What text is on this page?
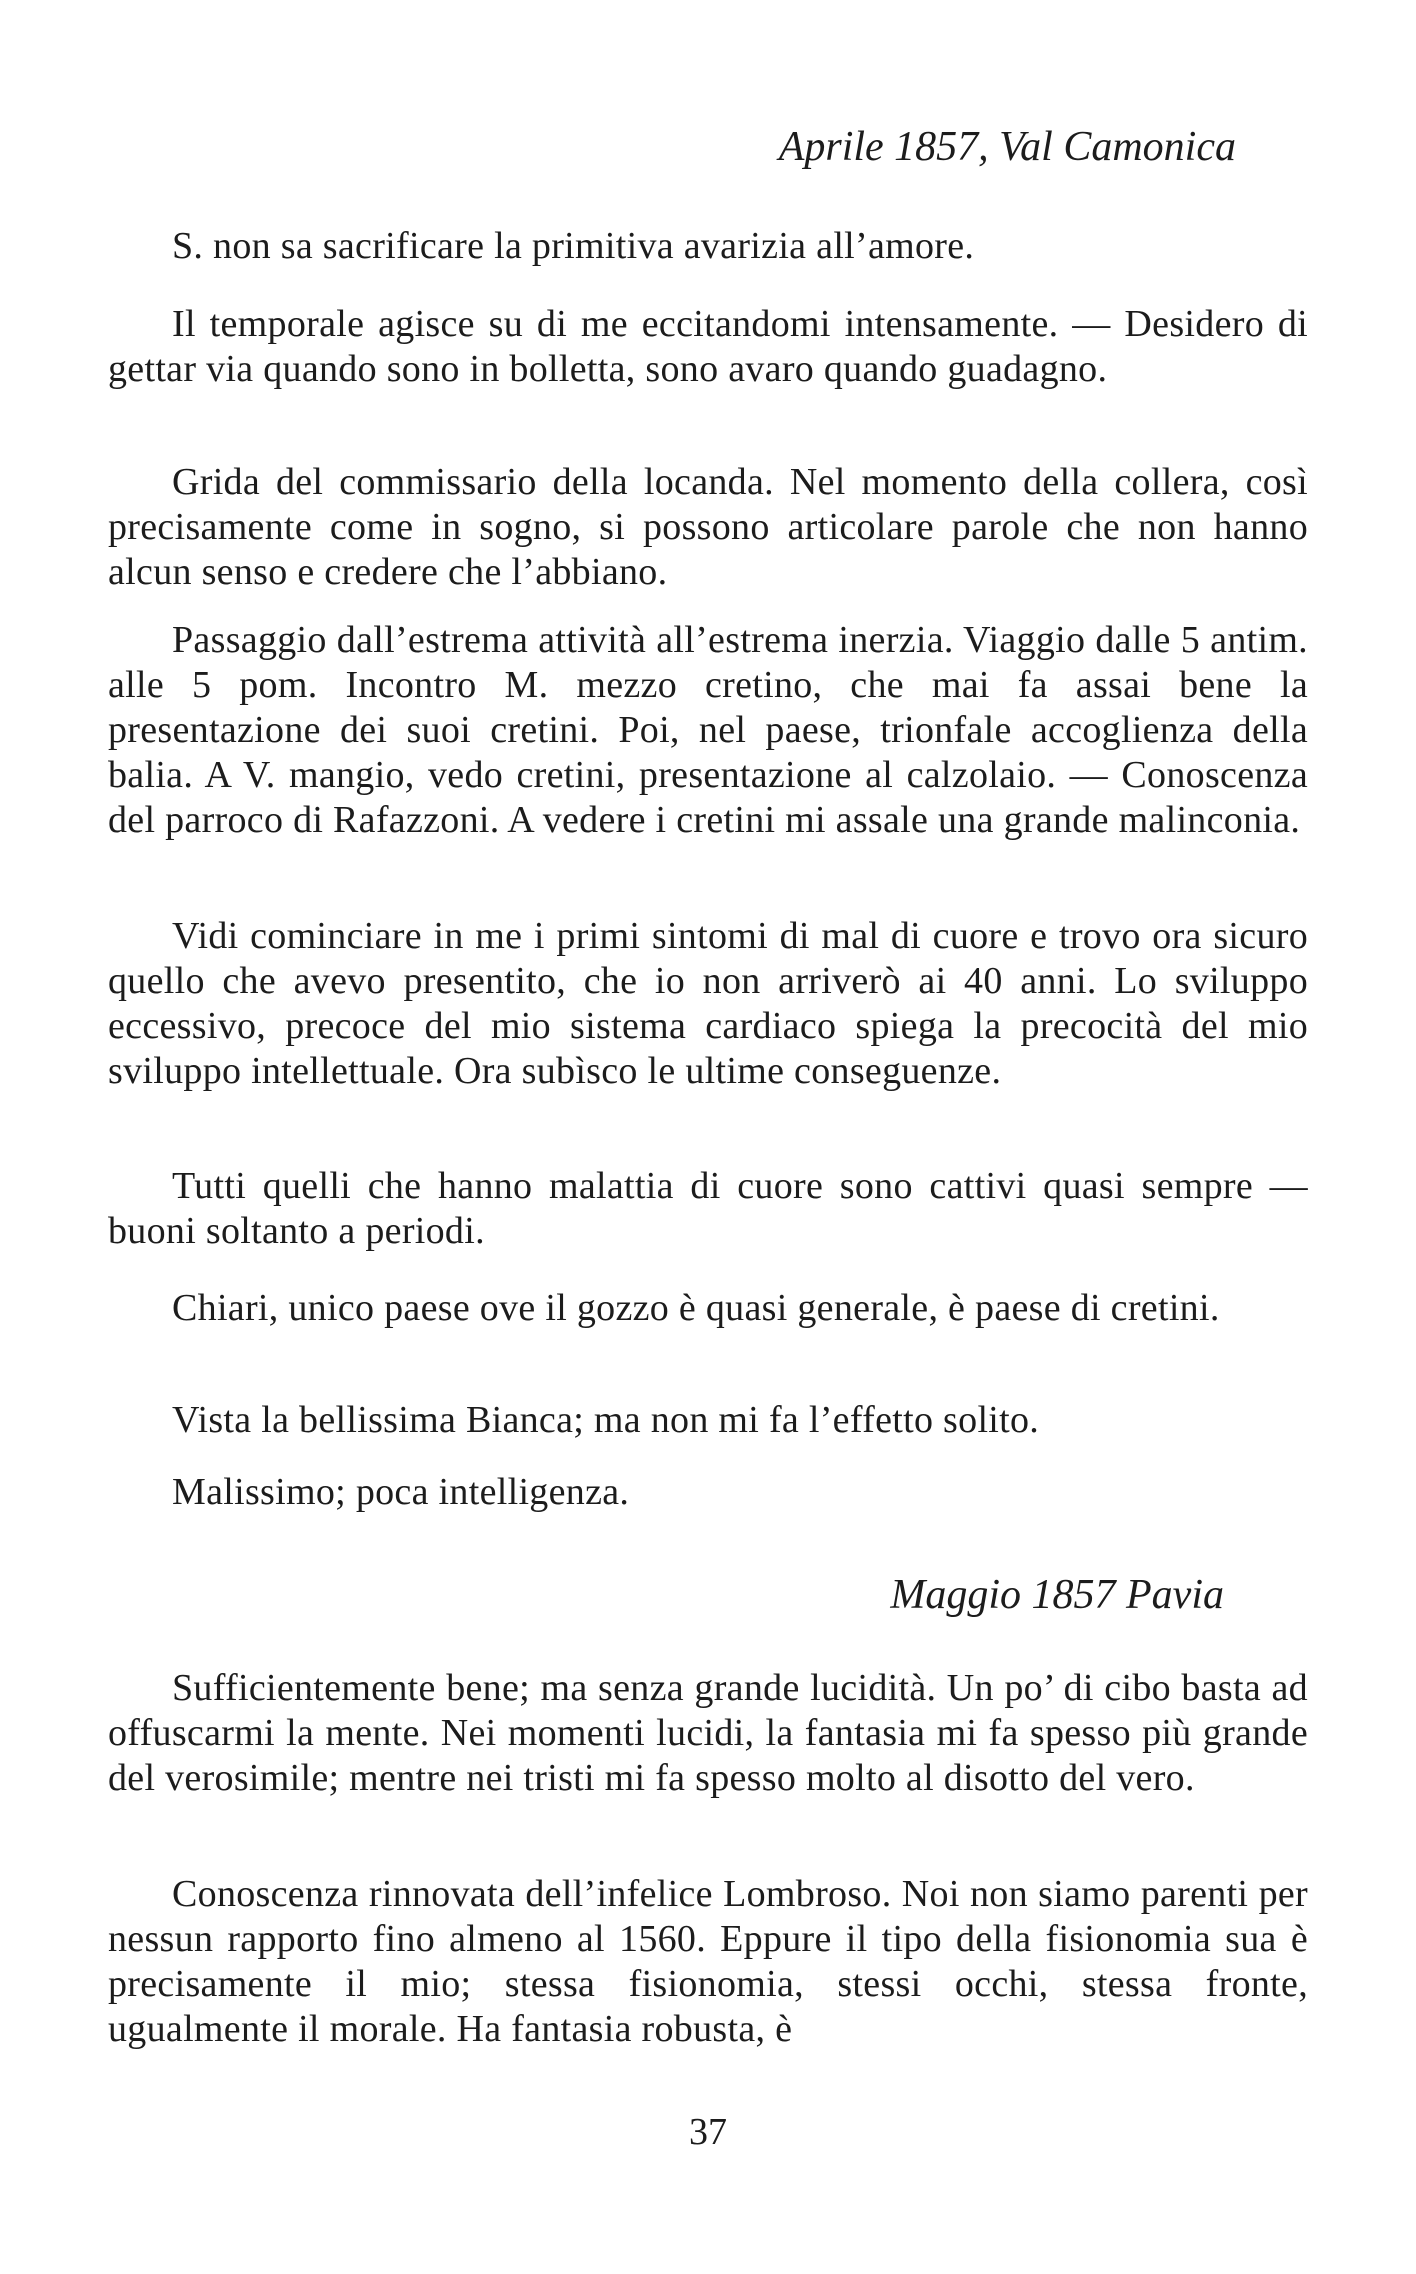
Aprile 1857, Val Camonica

S. non sa sacrificare la primitiva avarizia all’amore.

Il temporale agisce su di me eccitandomi intensamente. — Desidero di gettar via quando sono in bolletta, sono avaro quando guadagno.

Grida del commissario della locanda. Nel momento della collera, così precisamente come in sogno, si possono articolare parole che non hanno alcun senso e credere che l’abbiano.

Passaggio dall’estrema attività all’estrema inerzia. Viaggio dalle 5 antim. alle 5 pom. Incontro M. mezzo cretino, che mai fa assai bene la presentazione dei suoi cretini. Poi, nel paese, trionfale accoglienza della balia. A V. mangio, vedo cretini, presentazione al calzolaio. — Conoscenza del parroco di Rafazzoni. A vedere i cretini mi assale una grande malinconia.

Vidi cominciare in me i primi sintomi di mal di cuore e trovo ora sicuro quello che avevo presentito, che io non arriverò ai 40 anni. Lo sviluppo eccessivo, precoce del mio sistema cardiaco spiega la precocità del mio sviluppo intellettuale. Ora subìsco le ultime conseguenze.

Tutti quelli che hanno malattia di cuore sono cattivi quasi sempre — buoni soltanto a periodi.

Chiari, unico paese ove il gozzo è quasi generale, è paese di cretini.

Vista la bellissima Bianca; ma non mi fa l’effetto solito.

Malissimo; poca intelligenza.

Maggio 1857 Pavia

Sufficientemente bene; ma senza grande lucidità. Un po’ di cibo basta ad offuscarmi la mente. Nei momenti lucidi, la fantasia mi fa spesso più grande del verosimile; mentre nei tristi mi fa spesso molto al disotto del vero.

Conoscenza rinnovata dell’infelice Lombroso. Noi non siamo parenti per nessun rapporto fino almeno al 1560. Eppure il tipo della fisionomia sua è precisamente il mio; stessa fisionomia, stessi occhi, stessa fronte, ugualmente il morale. Ha fantasia robusta, è

37
